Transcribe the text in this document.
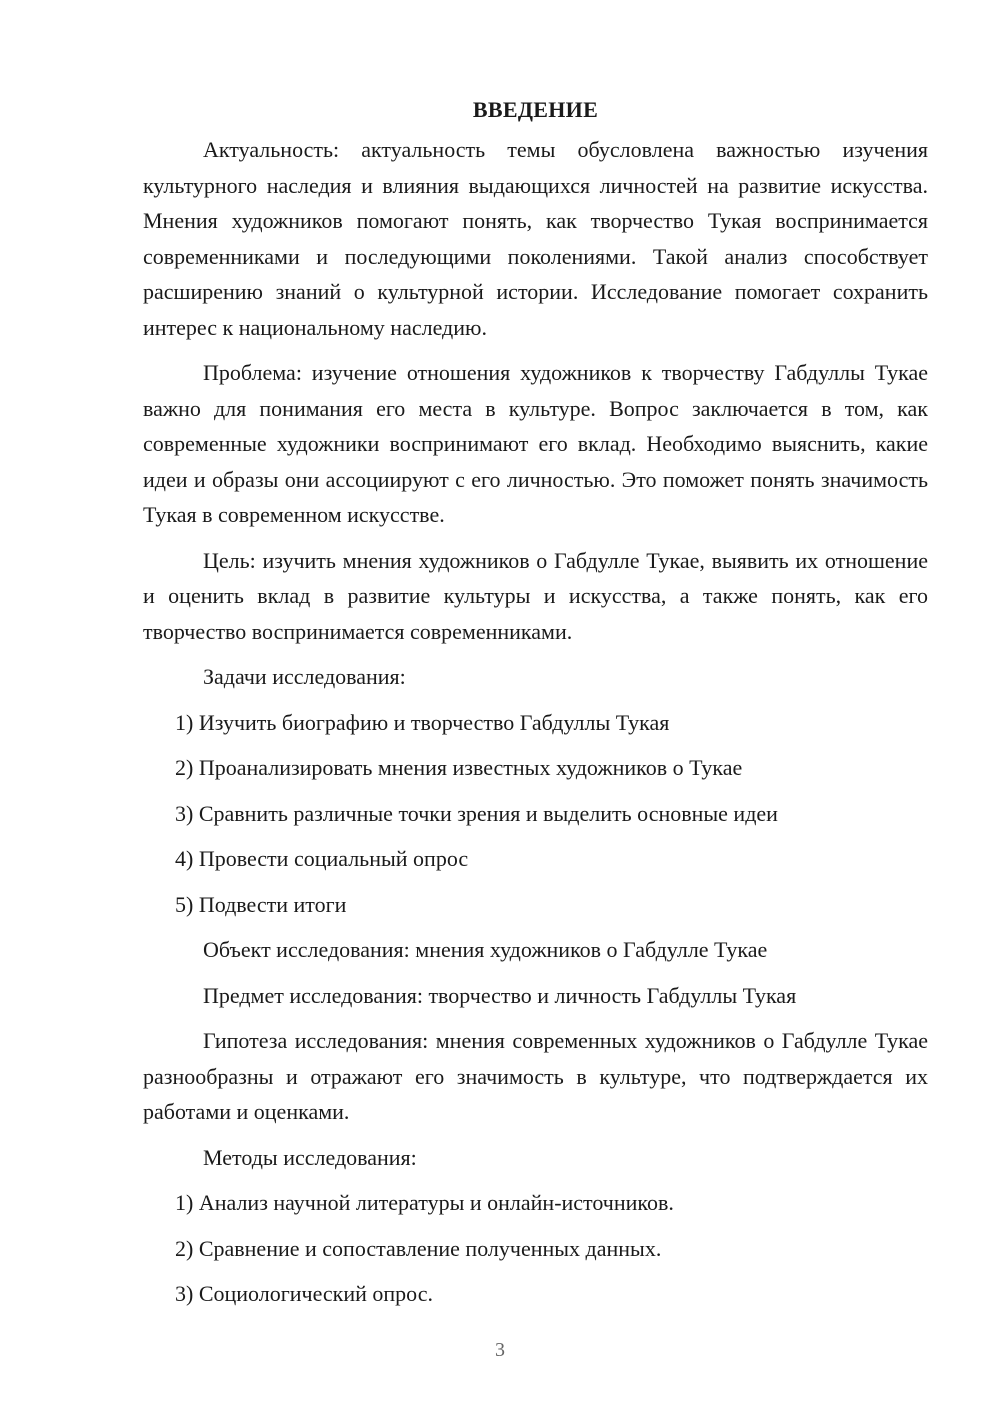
ВВЕДЕНИЕ

Актуальность: актуальность темы обусловлена важностью изучения культурного наследия и влияния выдающихся личностей на развитие искусства. Мнения художников помогают понять, как творчество Тукая воспринимается современниками и последующими поколениями. Такой анализ способствует расширению знаний о культурной истории. Исследование помогает сохранить интерес к национальному наследию.

Проблема: изучение отношения художников к творчеству Габдуллы Тукае важно для понимания его места в культуре. Вопрос заключается в том, как современные художники воспринимают его вклад. Необходимо выяснить, какие идеи и образы они ассоциируют с его личностью. Это поможет понять значимость Тукая в современном искусстве.

Цель: изучить мнения художников о Габдулле Тукае, выявить их отношение и оценить вклад в развитие культуры и искусства, а также понять, как его творчество воспринимается современниками.

Задачи исследования:
1) Изучить биографию и творчество Габдуллы Тукая
2) Проанализировать мнения известных художников о Тукае
3) Сравнить различные точки зрения и выделить основные идеи
4) Провести социальный опрос
5) Подвести итоги
Объект исследования: мнения художников о Габдулле Тукае
Предмет исследования: творчество и личность Габдуллы Тукая

Гипотеза исследования: мнения современных художников о Габдулле Тукае разнообразны и отражают его значимость в культуре, что подтверждается их работами и оценками.

Методы исследования:
1) Анализ научной литературы и онлайн-источников.
2) Сравнение и сопоставление полученных данных.
3) Социологический опрос.
3
